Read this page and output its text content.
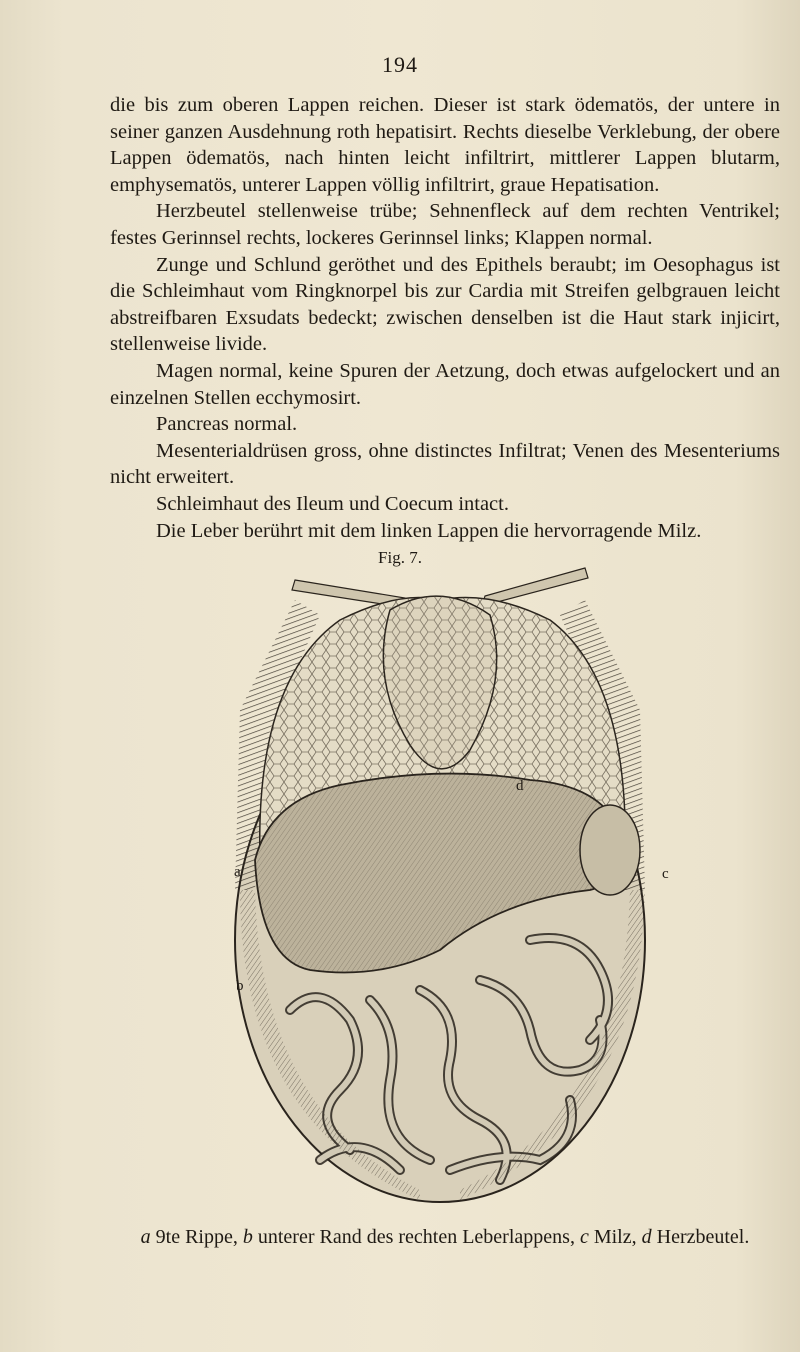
194

die bis zum oberen Lappen reichen. Dieser ist stark ödematös, der untere in seiner ganzen Ausdehnung roth hepatisirt. Rechts dieselbe Verklebung, der obere Lappen ödematös, nach hinten leicht infiltrirt, mittlerer Lappen blutarm, emphysematös, unterer Lappen völlig infiltrirt, graue Hepatisation.

Herzbeutel stellenweise trübe; Sehnenfleck auf dem rechten Ventrikel; festes Gerinnsel rechts, lockeres Gerinnsel links; Klappen normal.

Zunge und Schlund geröthet und des Epithels beraubt; im Oesophagus ist die Schleimhaut vom Ringknorpel bis zur Cardia mit Streifen gelbgrauen leicht abstreifbaren Exsudats bedeckt; zwischen denselben ist die Haut stark injicirt, stellenweise livide.

Magen normal, keine Spuren der Aetzung, doch etwas aufgelockert und an einzelnen Stellen ecchymosirt.

Pancreas normal.

Mesenterialdrüsen gross, ohne distinctes Infiltrat; Venen des Mesenteriums nicht erweitert.

Schleimhaut des Ileum und Coecum intact.

Die Leber berührt mit dem linken Lappen die hervorragende Milz.

Fig. 7.
d
a	c
b
a 9te Rippe, b unterer Rand des rechten Leberlappens, c Milz, d Herzbeutel.
